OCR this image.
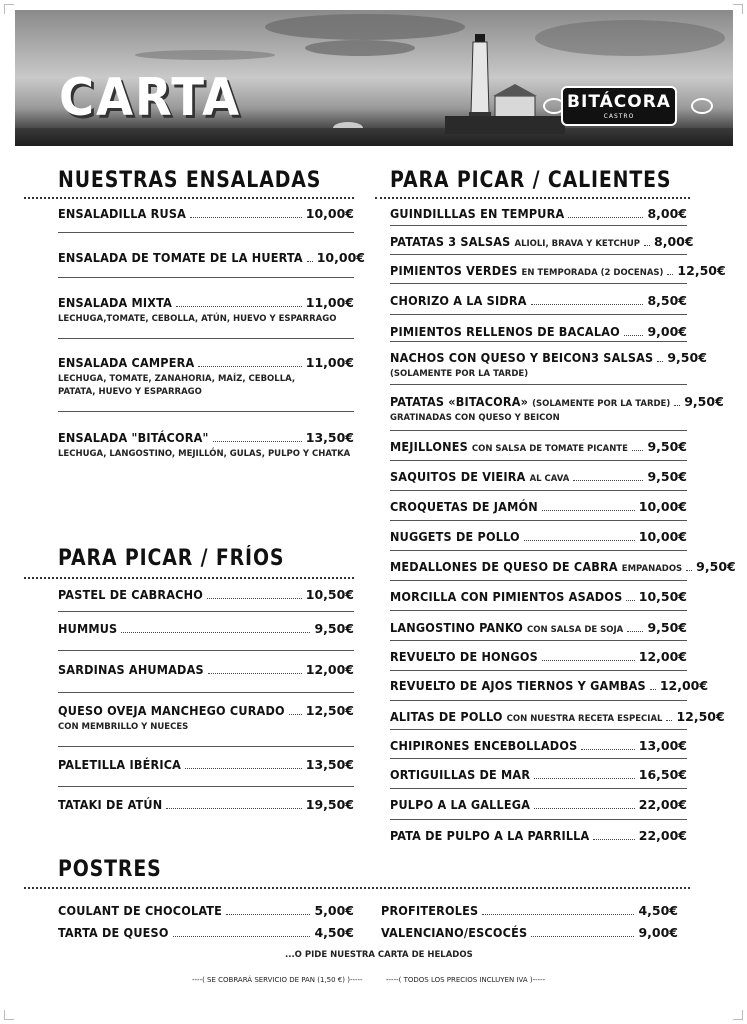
CARTA	BITÁCORA
CASTRO
NUESTRAS ENSALADAS
ENSALADILLA RUSA	10,00€
ENSALADA DE TOMATE DE LA HUERTA 10,00€
ENSALADA MIXTA	11,00€
LECHUGA,TOMATE, CEBOLLA, ATÚN, HUEVO Y ESPARRAGO
ENSALADA CAMPERA	11,00€
LECHUGA, TOMATE, ZANAHORIA, MAÍZ, CEBOLLA,
PATATA, HUEVO Y ESPARRAGO
ENSALADA "BITÁCORA"	13,50€
LECHUGA, LANGOSTINO, MEJILLÓN, GULAS, PULPO Y CHATKA
PARA PICAR / FRÍOS
PASTEL DE CABRACHO	10,50€
HUMMUS	9,50€
SARDINAS AHUMADAS	12,00€
QUESO OVEJA MANCHEGO CURADO 12,50€
CON MEMBRILLO Y NUECES
PALETILLA IBÉRICA	13,50€
TATAKI DE ATÚN	19,50€
PARA PICAR / CALIENTES
GUINDILLLAS EN TEMPURA	8,00€
PATATAS 3 SALSAS ALIOLI, BRAVA Y KETCHUP 8,00€
PIMIENTOS VERDES EN TEMPORADA (2 DOCENAS) 12,50€
CHORIZO A LA SIDRA	8,50€
PIMIENTOS RELLENOS DE BACALAO 9,00€
NACHOS CON QUESO Y BEICON3 SALSAS 9,50€
(SOLAMENTE POR LA TARDE)
PATATAS «BITACORA» (SOLAMENTE POR LA TARDE) 9,50€
GRATINADAS CON QUESO Y BEICON
MEJILLONES CON SALSA DE TOMATE PICANTE 9,50€
SAQUITOS DE VIEIRA AL CAVA	9,50€
CROQUETAS DE JAMÓN	10,00€
NUGGETS DE POLLO	10,00€
MEDALLONES DE QUESO DE CABRA EMPANADOS 9,50€
MORCILLA CON PIMIENTOS ASADOS 10,50€
LANGOSTINO PANKO CON SALSA DE SOJA 9,50€
REVUELTO DE HONGOS	12,00€
REVUELTO DE AJOS TIERNOS Y GAMBAS 12,00€
ALITAS DE POLLO CON NUESTRA RECETA ESPECIAL 12,50€
CHIPIRONES ENCEBOLLADOS	13,00€
ORTIGUILLAS DE MAR	16,50€
PULPO A LA GALLEGA	22,00€
PATA DE PULPO A LA PARRILLA	22,00€
POSTRES
COULANT DE CHOCOLATE	5,00€
TARTA DE QUESO	4,50€
PROFITEROLES	4,50€
VALENCIANO/ESCOCÉS	9,00€
...O PIDE NUESTRA CARTA DE HELADOS
----( SE COBRARÁ SERVICIO DE PAN (1,50 €) )-----	-----( TODOS LOS PRECIOS INCLUYEN IVA )-----
